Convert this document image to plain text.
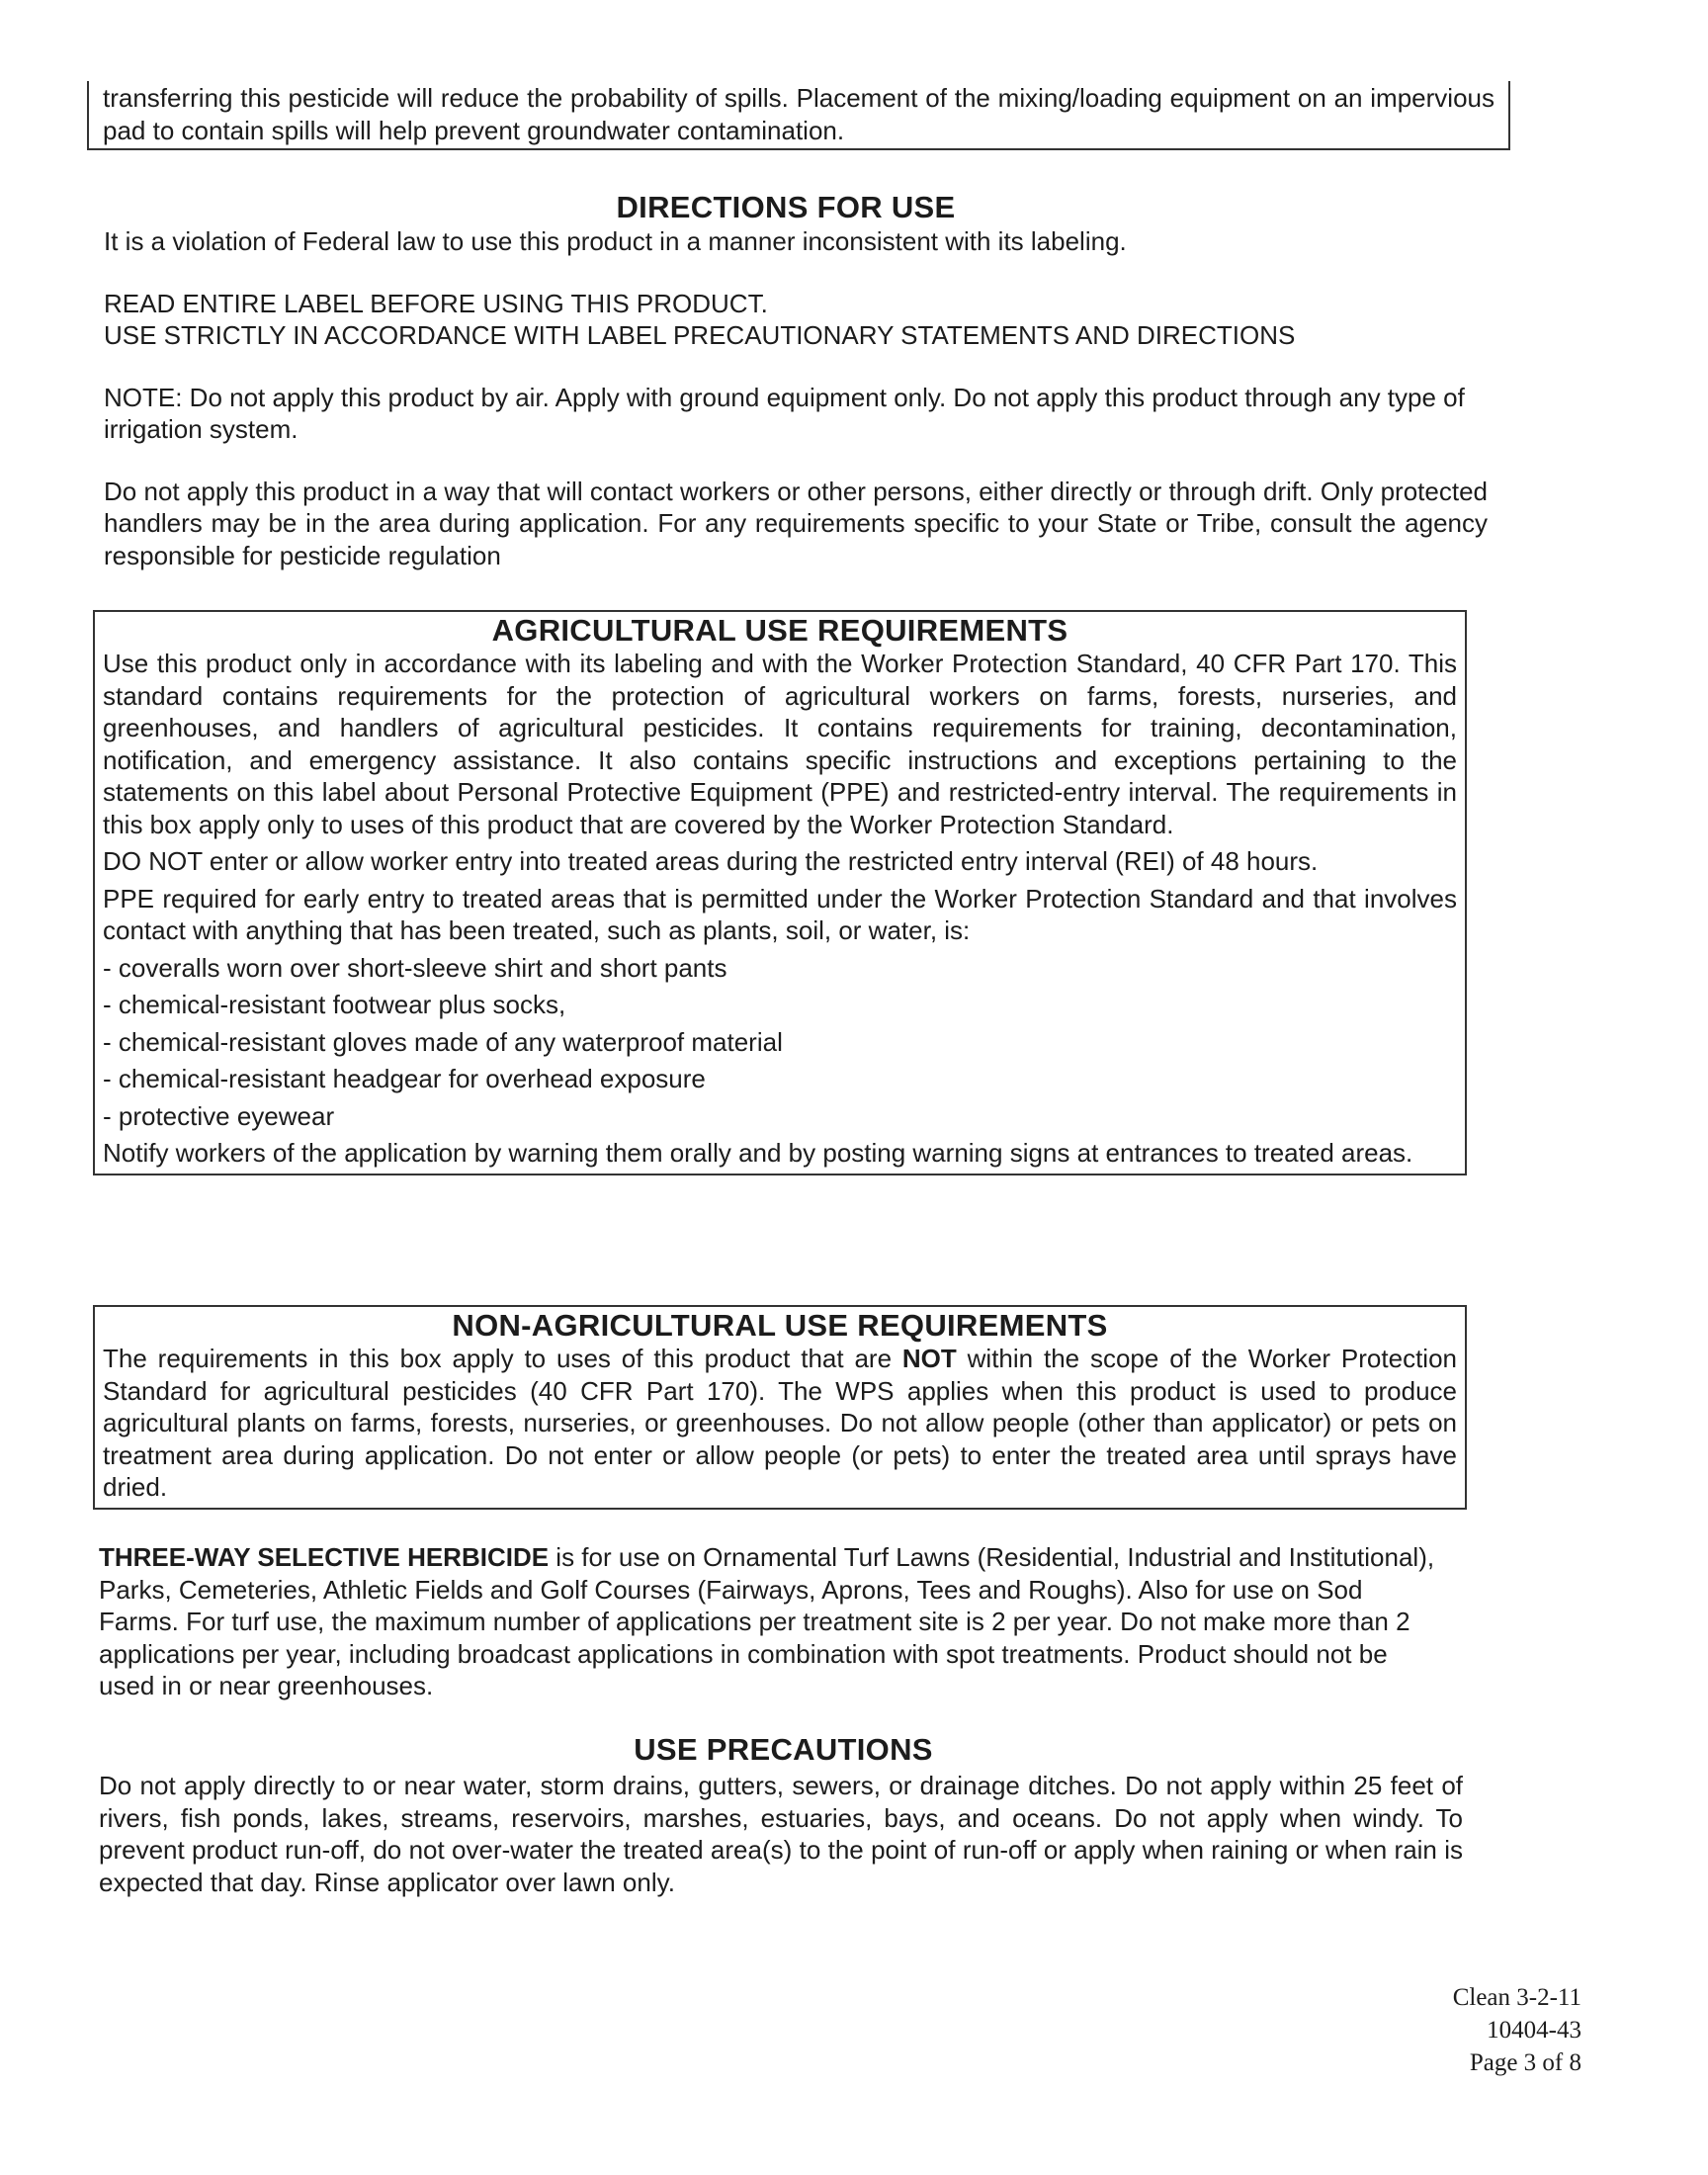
transferring this pesticide will reduce the probability of spills. Placement of the mixing/loading equipment on an impervious pad to contain spills will help prevent groundwater contamination.

DIRECTIONS FOR USE

It is a violation of Federal law to use this product in a manner inconsistent with its labeling.

READ ENTIRE LABEL BEFORE USING THIS PRODUCT.

USE STRICTLY IN ACCORDANCE WITH LABEL PRECAUTIONARY STATEMENTS AND DIRECTIONS

NOTE: Do not apply this product by air. Apply with ground equipment only. Do not apply this product through any type of irrigation system.

Do not apply this product in a way that will contact workers or other persons, either directly or through drift. Only protected handlers may be in the area during application. For any requirements specific to your State or Tribe, consult the agency responsible for pesticide regulation

AGRICULTURAL USE REQUIREMENTS

Use this product only in accordance with its labeling and with the Worker Protection Standard, 40 CFR Part 170. This standard contains requirements for the protection of agricultural workers on farms, forests, nurseries, and greenhouses, and handlers of agricultural pesticides. It contains requirements for training, decontamination, notification, and emergency assistance. It also contains specific instructions and exceptions pertaining to the statements on this label about Personal Protective Equipment (PPE) and restricted-entry interval. The requirements in this box apply only to uses of this product that are covered by the Worker Protection Standard.

DO NOT enter or allow worker entry into treated areas during the restricted entry interval (REI) of 48 hours.

PPE required for early entry to treated areas that is permitted under the Worker Protection Standard and that involves contact with anything that has been treated, such as plants, soil, or water, is:

- coveralls worn over short-sleeve shirt and short pants

- chemical-resistant footwear plus socks,

- chemical-resistant gloves made of any waterproof material

- chemical-resistant headgear for overhead exposure

- protective eyewear

Notify workers of the application by warning them orally and by posting warning signs at entrances to treated areas.

NON-AGRICULTURAL USE REQUIREMENTS

The requirements in this box apply to uses of this product that are NOT within the scope of the Worker Protection Standard for agricultural pesticides (40 CFR Part 170). The WPS applies when this product is used to produce agricultural plants on farms, forests, nurseries, or greenhouses. Do not allow people (other than applicator) or pets on treatment area during application. Do not enter or allow people (or pets) to enter the treated area until sprays have dried.

THREE-WAY SELECTIVE HERBICIDE is for use on Ornamental Turf Lawns (Residential, Industrial and Institutional), Parks, Cemeteries, Athletic Fields and Golf Courses (Fairways, Aprons, Tees and Roughs). Also for use on Sod Farms. For turf use, the maximum number of applications per treatment site is 2 per year. Do not make more than 2 applications per year, including broadcast applications in combination with spot treatments. Product should not be used in or near greenhouses.

USE PRECAUTIONS

Do not apply directly to or near water, storm drains, gutters, sewers, or drainage ditches. Do not apply within 25 feet of rivers, fish ponds, lakes, streams, reservoirs, marshes, estuaries, bays, and oceans. Do not apply when windy. To prevent product run-off, do not over-water the treated area(s) to the point of run-off or apply when raining or when rain is expected that day. Rinse applicator over lawn only.

Clean 3-2-11
10404-43
Page 3 of 8
